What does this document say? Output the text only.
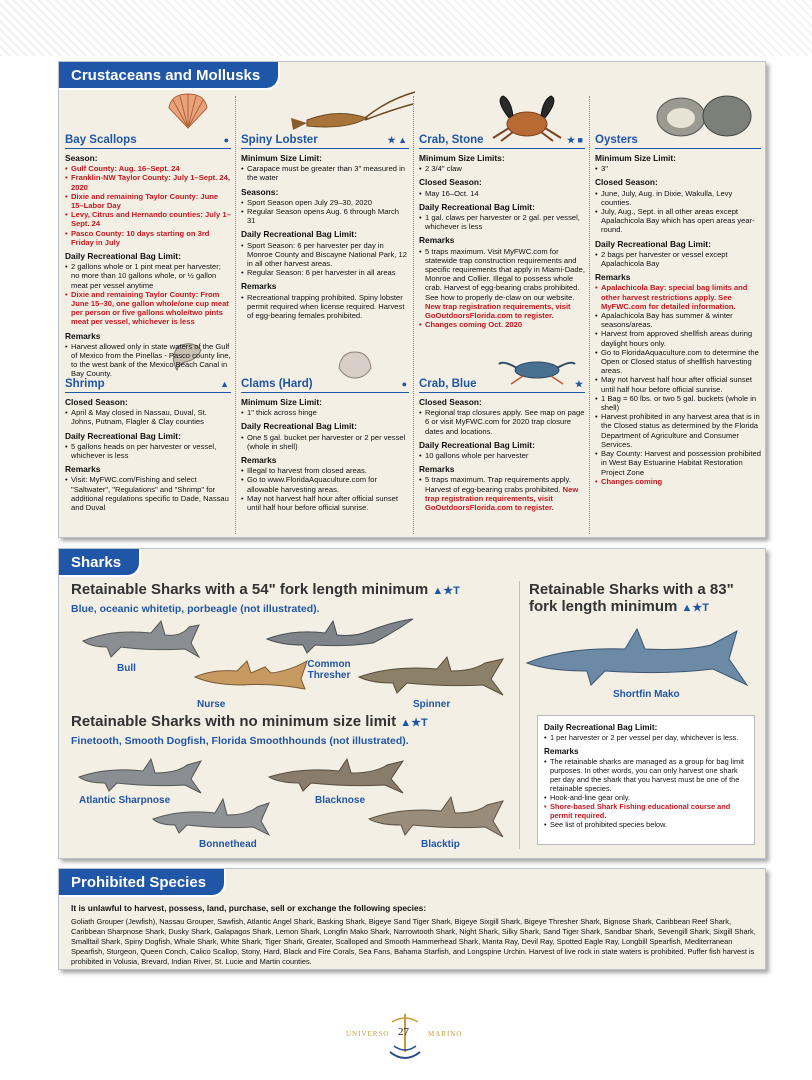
Crustaceans and Mollusks
Bay Scallops	●
Season:
• Gulf County: Aug. 16–Sept. 24
• Franklin-NW Taylor County: July 1–Sept. 24, 2020
• Dixie and remaining Taylor County: June 15–Labor Day
• Levy, Citrus and Hernando counties: July 1–Sept. 24
• Pasco County: 10 days starting on 3rd Friday in July
Daily Recreational Bag Limit:
• 2 gallons whole or 1 pint meat per harvester; no more than 10 gallons whole, or ½ gallon meat per vessel anytime
• Dixie and remaining Taylor County: From June 15–30, one gallon whole/one cup meat per person or five gallons whole/two pints meat per vessel, whichever is less
Remarks
• Harvest allowed only in state waters of the Gulf of Mexico from the Pinellas - Pasco county line, to the west bank of the Mexico Beach Canal in Bay County.
Spiny Lobster	★ ▲
Minimum Size Limit:
• Carapace must be greater than 3" measured in the water
Seasons:
• Sport Season open July 29–30, 2020
• Regular Season opens Aug. 6 through March 31
Daily Recreational Bag Limit:
• Sport Season: 6 per harvester per day in Monroe County and Biscayne National Park, 12 in all other harvest areas.
• Regular Season: 6 per harvester in all areas
Remarks
• Recreational trapping prohibited. Spiny lobster permit required when license required. Harvest of egg-bearing females prohibited.
Crab, Stone	★ ■
Minimum Size Limits:
• 2 3/4" claw
Closed Season:
• May 16–Oct. 14
Daily Recreational Bag Limit:
• 1 gal. claws per harvester or 2 gal. per vessel, whichever is less
Remarks
• 5 traps maximum. Visit MyFWC.com for statewide trap construction requirements and specific requirements that apply in Miami-Dade, Monroe and Collier. Illegal to possess whole crab. Harvest of egg-bearing crabs prohibited. See how to properly de-claw on our website. New trap registration requirements, visit GoOutdoorsFlorida.com to register.
• Changes coming Oct. 2020
Oysters
Minimum Size Limit:
• 3"
Closed Season:
• June, July, Aug. in Dixie, Wakulla, Levy counties.
• July, Aug., Sept. in all other areas except Apalachicola Bay which has open areas year-round.
Daily Recreational Bag Limit:
• 2 bags per harvester or vessel except Apalachicola Bay
Remarks
• Apalachicola Bay: special bag limits and other harvest restrictions apply. See MyFWC.com for detailed information.
• Apalachicola Bay has summer & winter seasons/areas.
• Harvest from approved shellfish areas during daylight hours only.
• Go to FloridaAquaculture.com to determine the Open or Closed status of shellfish harvesting areas.
• May not harvest half hour after official sunset until half hour before official sunrise.
• 1 Bag = 60 lbs. or two 5 gal. buckets (whole in shell)
• Harvest prohibited in any harvest area that is in the Closed status as determined by the Florida Department of Agriculture and Consumer Services.
• Bay County: Harvest and possession prohibited in West Bay Estuarine Habitat Restoration Project Zone
• Changes coming
Shrimp	▲
Closed Season:
• April & May closed in Nassau, Duval, St. Johns, Putnam, Flagler & Clay counties
Daily Recreational Bag Limit:
• 5 gallons heads on per harvester or vessel, whichever is less
Remarks
• Visit: MyFWC.com/Fishing and select "Saltwater", "Regulations" and "Shrimp" for additional regulations specific to Dade, Nassau and Duval
Clams (Hard)	●
Minimum Size Limit:
• 1" thick across hinge
Daily Recreational Bag Limit:
• One 5 gal. bucket per harvester or 2 per vessel (whole in shell)
Remarks
• Illegal to harvest from closed areas.
• Go to www.FloridaAquaculture.com for allowable harvesting areas.
• May not harvest half hour after official sunset until half hour before official sunrise.
Crab, Blue	★
Closed Season:
• Regional trap closures apply. See map on page 6 or visit MyFWC.com for 2020 trap closure dates and locations.
Daily Recreational Bag Limit:
• 10 gallons whole per harvester
Remarks
• 5 traps maximum. Trap requirements apply. Harvest of egg-bearing crabs prohibited. New trap registration requirements, visit GoOutdoorsFlorida.com to register.
Sharks
Retainable Sharks with a 54" fork length minimum ▲★T
Blue, oceanic whitetip, porbeagle (not illustrated).
Retainable Sharks with a 83" fork length minimum ▲★T
Retainable Sharks with no minimum size limit ▲★T
Finetooth, Smooth Dogfish, Florida Smoothhounds (not illustrated).
Bull	Common Thresher
Nurse	Spinner
Shortfin Mako
Atlantic Sharpnose	Blacknose
Bonnethead	Blacktip
Daily Recreational Bag Limit:
• 1 per harvester or 2 per vessel per day, whichever is less.
Remarks
• The retainable sharks are managed as a group for bag limit purposes. In other words, you can only harvest one shark per day and the shark that you harvest must be one of the retainable species.
• Hook-and-line gear only.
• Shore-based Shark Fishing educational course and permit required.
• See list of prohibited species below.
Prohibited Species
It is unlawful to harvest, possess, land, purchase, sell or exchange the following species:
Goliath Grouper (Jewfish), Nassau Grouper, Sawfish, Atlantic Angel Shark, Basking Shark, Bigeye Sand Tiger Shark, Bigeye Sixgill Shark, Bigeye Thresher Shark, Bignose Shark, Caribbean Reef Shark, Caribbean Sharpnose Shark, Dusky Shark, Galapagos Shark, Lemon Shark, Longfin Mako Shark, Narrowtooth Shark, Night Shark, Silky Shark, Sand Tiger Shark, Sandbar Shark, Sevengill Shark, Sixgill Shark, Smalltail Shark, Spiny Dogfish, Whale Shark, White Shark, Tiger Shark, Greater, Scalloped and Smooth Hammerhead Shark, Manta Ray, Devil Ray, Spotted Eagle Ray, Longbill Spearfish, Mediterranean Spearfish, Sturgeon, Queen Conch, Calico Scallop, Stony, Hard, Black and Fire Corals, Sea Fans, Bahama Starfish, and Longspine Urchin. Harvest of live rock in state waters is prohibited. Puffer fish harvest is prohibited in Volusia, Brevard, Indian River, St. Lucie and Martin counties.
UNIVERSO 27	MARINO
